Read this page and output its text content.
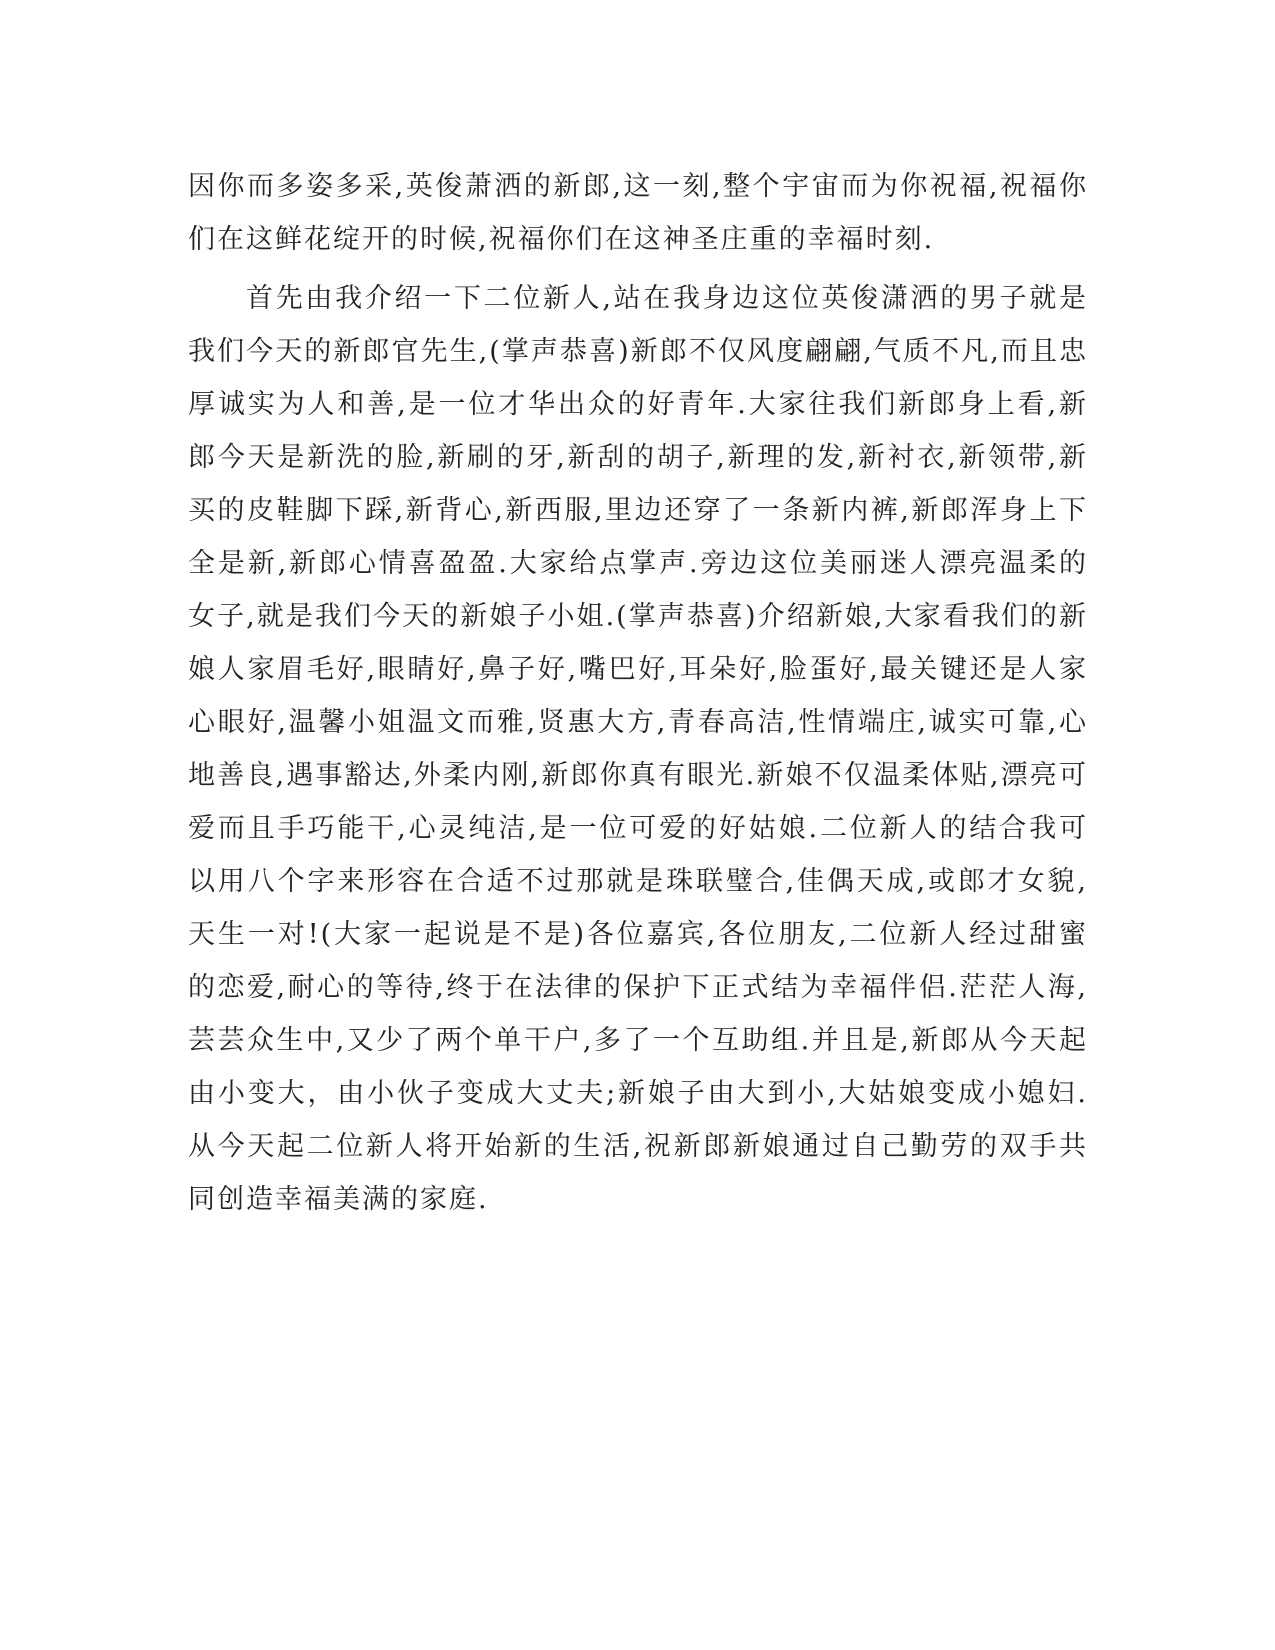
因你而多姿多采,英俊萧洒的新郎,这一刻,整个宇宙而为你祝福,祝福你们在这鲜花绽开的时候,祝福你们在这神圣庄重的幸福时刻.

首先由我介绍一下二位新人,站在我身边这位英俊潇洒的男子就是我们今天的新郎官先生,(掌声恭喜)新郎不仅风度翩翩,气质不凡,而且忠厚诚实为人和善,是一位才华出众的好青年.大家往我们新郎身上看,新郎今天是新洗的脸,新刷的牙,新刮的胡子,新理的发,新衬衣,新领带,新买的皮鞋脚下踩,新背心,新西服,里边还穿了一条新内裤,新郎浑身上下全是新,新郎心情喜盈盈.大家给点掌声.旁边这位美丽迷人漂亮温柔的女子,就是我们今天的新娘子小姐.(掌声恭喜)介绍新娘,大家看我们的新娘人家眉毛好,眼睛好,鼻子好,嘴巴好,耳朵好,脸蛋好,最关键还是人家心眼好,温馨小姐温文而雅,贤惠大方,青春高洁,性情端庄,诚实可靠,心地善良,遇事豁达,外柔内刚,新郎你真有眼光.新娘不仅温柔体贴,漂亮可爱而且手巧能干,心灵纯洁,是一位可爱的好姑娘.二位新人的结合我可以用八个字来形容在合适不过那就是珠联璧合,佳偶天成,或郎才女貌,天生一对!(大家一起说是不是)各位嘉宾,各位朋友,二位新人经过甜蜜的恋爱,耐心的等待,终于在法律的保护下正式结为幸福伴侣.茫茫人海,芸芸众生中,又少了两个单干户,多了一个互助组.并且是,新郎从今天起由小变大，由小伙子变成大丈夫;新娘子由大到小,大姑娘变成小媳妇.从今天起二位新人将开始新的生活,祝新郎新娘通过自己勤劳的双手共同创造幸福美满的家庭.
